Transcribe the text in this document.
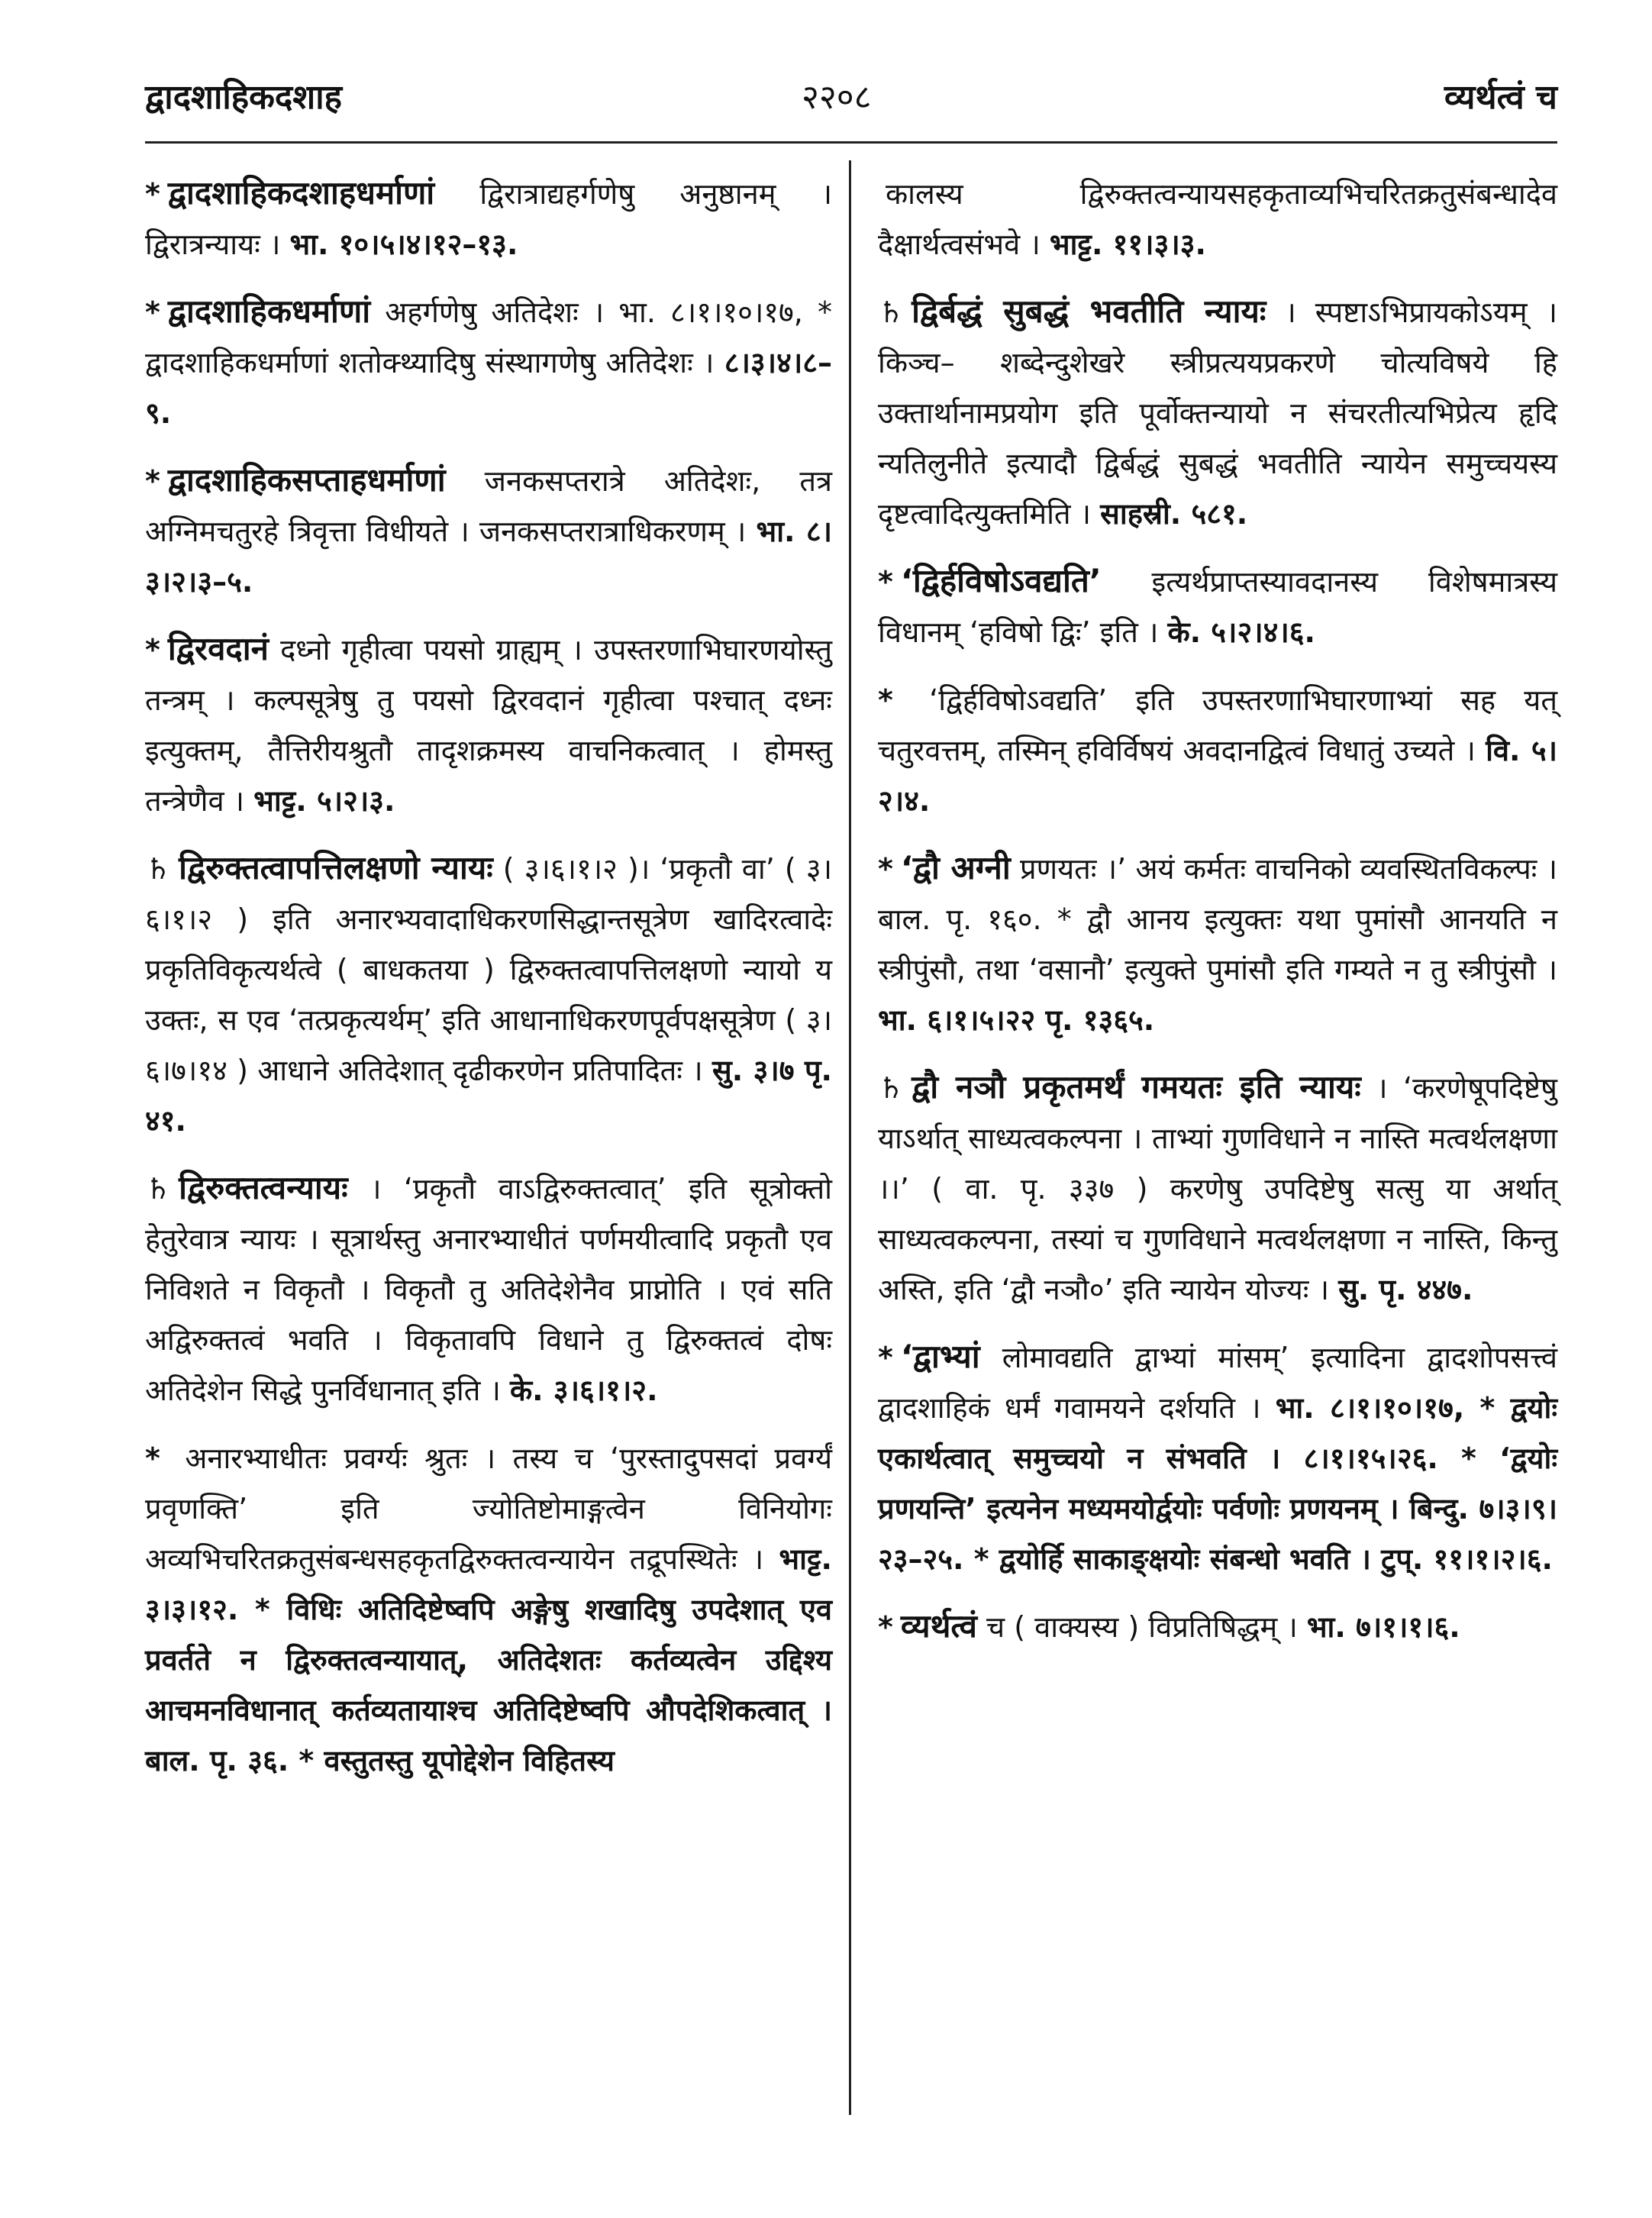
द्वादशाहिकदशाह	२२०८	व्यर्थत्वं च

* द्वादशाहिकदशाहधर्माणां द्विरात्राद्यहर्गणेषु अनुष्ठानम् । द्विरात्रन्यायः । भा. १०।५।४।१२–१३.

* द्वादशाहिकधर्माणां अहर्गणेषु अतिदेशः । भा. ८।१।१०।१७, * द्वादशाहिकधर्माणां शतोक्थ्यादिषु संस्थागणेषु अतिदेशः । ८।३।४।८–९.

* द्वादशाहिकसप्ताहधर्माणां जनकसप्तरात्रे अतिदेशः, तत्र अग्निमचतुरहे त्रिवृत्ता विधीयते । जनकसप्तरात्राधिकरणम् । भा. ८।३।२।३–५.

* द्विरवदानं दध्नो गृहीत्वा पयसो ग्राह्यम् । उपस्तरणाभिघारणयोस्तु तन्त्रम् । कल्पसूत्रेषु तु पयसो द्विरवदानं गृहीत्वा पश्चात् दध्नः इत्युक्तम्, तैत्तिरीयश्रुतौ तादृशक्रमस्य वाचनिकत्वात् । होमस्तु तन्त्रेणैव । भाट्ट. ५।२।३.

♄ द्विरुक्तत्वापत्तिलक्षणो न्यायः ( ३।६।१।२ )। ‘प्रकृतौ वा’ ( ३।६।१।२ ) इति अनारभ्यवादाधिकरणसिद्धान्तसूत्रेण खादिरत्वादेः प्रकृतिविकृत्यर्थत्वे ( बाधकतया ) द्विरुक्तत्वापत्तिलक्षणो न्यायो य उक्तः, स एव ‘तत्प्रकृत्यर्थम्’ इति आधानाधिकरणपूर्वपक्षसूत्रेण ( ३।६।७।१४ ) आधाने अतिदेशात् दृढीकरणेन प्रतिपादितः । सु. ३।७ पृ. ४१.

♄ द्विरुक्तत्वन्यायः । ‘प्रकृतौ वाऽद्विरुक्तत्वात्’ इति सूत्रोक्तो हेतुरेवात्र न्यायः । सूत्रार्थस्तु अनारभ्याधीतं पर्णमयीत्वादि प्रकृतौ एव निविशते न विकृतौ । विकृतौ तु अतिदेशेनैव प्राप्नोति । एवं सति अद्विरुक्तत्वं भवति । विकृतावपि विधाने तु द्विरुक्तत्वं दोषः अतिदेशेन सिद्धे पुनर्विधानात् इति । के. ३।६।१।२.

* अनारभ्याधीतः प्रवर्ग्यः श्रुतः । तस्य च ‘पुरस्तादुपसदां प्रवर्ग्यं प्रवृणक्ति’ इति ज्योतिष्टोमाङ्गत्वेन विनियोगः अव्यभिचरितक्रतुसंबन्धसहकृतद्विरुक्तत्वन्यायेन तद्रूपस्थितेः । भाट्ट. ३।३।१२. * विधिः अतिदिष्टेष्वपि अङ्गेषु शखादिषु उपदेशात् एव प्रवर्तते न द्विरुक्तत्वन्यायात्, अतिदेशतः कर्तव्यत्वेन उद्दिश्य आचमनविधानात् कर्तव्यतायाश्च अतिदिष्टेष्वपि औपदेशिकत्वात् । बाल. पृ. ३६. * वस्तुतस्तु यूपोद्देशेन विहितस्य

कालस्य द्विरुक्तत्वन्यायसहकृताव्यभिचरितक्रतुसंबन्धादेव दैक्षार्थत्वसंभवे । भाट्ट. ११।३।३.

♄ द्विर्बद्धं सुबद्धं भवतीति न्यायः । स्पष्टाऽभिप्रायकोऽयम् । किञ्च– शब्देन्दुशेखरे स्त्रीप्रत्ययप्रकरणे चोत्यविषये हि उक्तार्थानामप्रयोग इति पूर्वोक्तन्यायो न संचरतीत्यभिप्रेत्य हृदि न्यतिलुनीते इत्यादौ द्विर्बद्धं सुबद्धं भवतीति न्यायेन समुच्चयस्य दृष्टत्वादित्युक्तमिति । साहस्री. ५८१.

* ‘द्विर्हविषोऽवद्यति’ इत्यर्थप्राप्तस्यावदानस्य विशेषमात्रस्य विधानम् ‘हविषो द्विः’ इति । के. ५।२।४।६.

* ‘द्विर्हविषोऽवद्यति’ इति उपस्तरणाभिघारणाभ्यां सह यत् चतुरवत्तम्, तस्मिन् हविर्विषयं अवदानद्वित्वं विधातुं उच्यते । वि. ५।२।४.

* ‘द्वौ अग्नी प्रणयतः ।’ अयं कर्मतः वाचनिको व्यवस्थितविकल्पः । बाल. पृ. १६०. * द्वौ आनय इत्युक्तः यथा पुमांसौ आनयति न स्त्रीपुंसौ, तथा ‘वसानौ’ इत्युक्ते पुमांसौ इति गम्यते न तु स्त्रीपुंसौ । भा. ६।१।५।२२ पृ. १३६५.

♄ द्वौ नञौ प्रकृतमर्थं गमयतः इति न्यायः । ‘करणेषूपदिष्टेषु याऽर्थात् साध्यत्वकल्पना । ताभ्यां गुणविधाने न नास्ति मत्वर्थलक्षणा ।।’ ( वा. पृ. ३३७ ) करणेषु उपदिष्टेषु सत्सु या अर्थात् साध्यत्वकल्पना, तस्यां च गुणविधाने मत्वर्थलक्षणा न नास्ति, किन्तु अस्ति, इति ‘द्वौ नञौ०’ इति न्यायेन योज्यः । सु. पृ. ४४७.

* ‘द्वाभ्यां लोमावद्यति द्वाभ्यां मांसम्’ इत्यादिना द्वादशोपसत्त्वं द्वादशाहिकं धर्मं गवामयने दर्शयति । भा. ८।१।१०।१७, * द्वयोः एकार्थत्वात् समुच्चयो न संभवति । ८।१।१५।२६. * ‘द्वयोः प्रणयन्ति’ इत्यनेन मध्यमयोर्द्वयोः पर्वणोः प्रणयनम् । बिन्दु. ७।३।९। २३–२५. * द्वयोर्हि साकाङ्क्षयोः संबन्धो भवति । टुप्. ११।१।२।६.

* व्यर्थत्वं च ( वाक्यस्य ) विप्रतिषिद्धम् । भा. ७।१।१।६.
